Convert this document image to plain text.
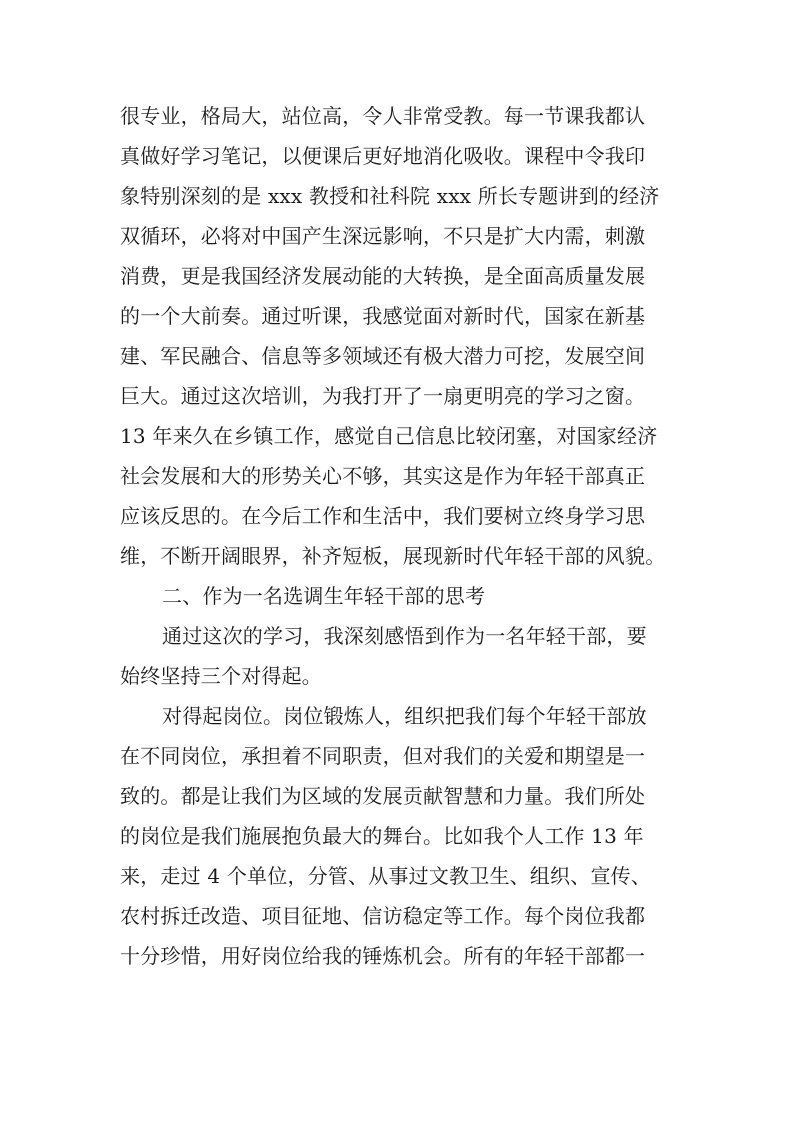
很专业，格局大，站位高，令人非常受教。每一节课我都认
真做好学习笔记，以便课后更好地消化吸收。课程中令我印
象特别深刻的是 xxx 教授和社科院 xxx 所长专题讲到的经济
双循环，必将对中国产生深远影响，不只是扩大内需，刺激
消费，更是我国经济发展动能的大转换，是全面高质量发展
的一个大前奏。通过听课，我感觉面对新时代，国家在新基
建、军民融合、信息等多领域还有极大潜力可挖，发展空间
巨大。通过这次培训，为我打开了一扇更明亮的学习之窗。
13 年来久在乡镇工作，感觉自己信息比较闭塞，对国家经济
社会发展和大的形势关心不够，其实这是作为年轻干部真正
应该反思的。在今后工作和生活中，我们要树立终身学习思
维，不断开阔眼界，补齐短板，展现新时代年轻干部的风貌。
二、作为一名选调生年轻干部的思考
通过这次的学习，我深刻感悟到作为一名年轻干部，要
始终坚持三个对得起。
对得起岗位。岗位锻炼人，组织把我们每个年轻干部放
在不同岗位，承担着不同职责，但对我们的关爱和期望是一
致的。都是让我们为区域的发展贡献智慧和力量。我们所处
的岗位是我们施展抱负最大的舞台。比如我个人工作 13 年
来，走过 4 个单位，分管、从事过文教卫生、组织、宣传、
农村拆迁改造、项目征地、信访稳定等工作。每个岗位我都
十分珍惜，用好岗位给我的锤炼机会。所有的年轻干部都一
